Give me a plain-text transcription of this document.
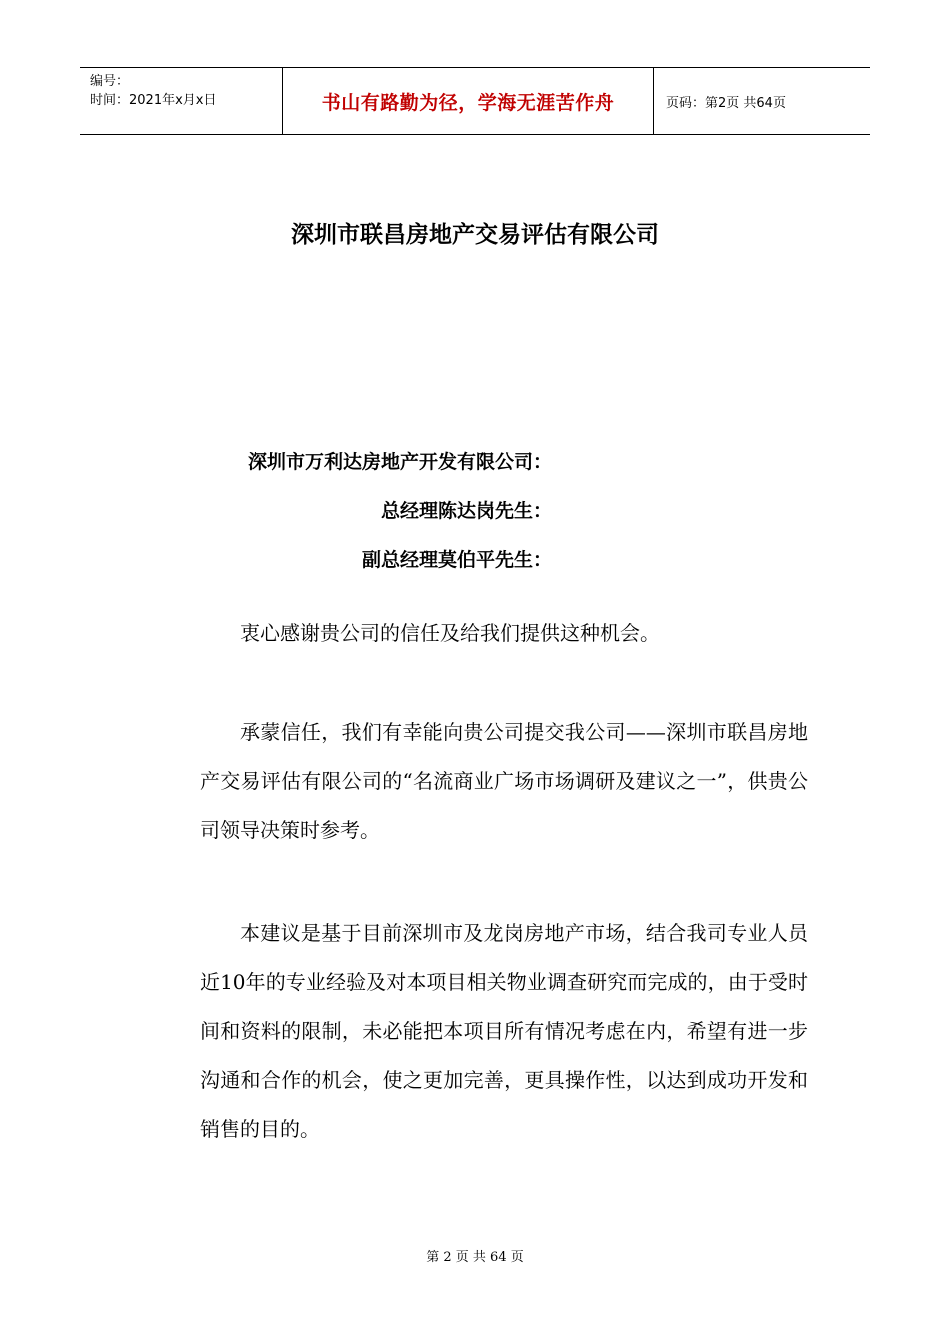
编号：
时间：2021年x月x日	书山有路勤为径，学海无涯苦作舟	页码：第2页 共64页
深圳市联昌房地产交易评估有限公司
深圳市万利达房地产开发有限公司：
总经理陈达岗先生：
副总经理莫伯平先生：

衷心感谢贵公司的信任及给我们提供这种机会。

承蒙信任，我们有幸能向贵公司提交我公司——深圳市联昌房地产交易评估有限公司的“名流商业广场市场调研及建议之一”，供贵公司领导决策时参考。

本建议是基于目前深圳市及龙岗房地产市场，结合我司专业人员近10年的专业经验及对本项目相关物业调查研究而完成的，由于受时间和资料的限制，未必能把本项目所有情况考虑在内，希望有进一步沟通和合作的机会，使之更加完善，更具操作性，以达到成功开发和销售的目的。

第 2 页 共 64 页
